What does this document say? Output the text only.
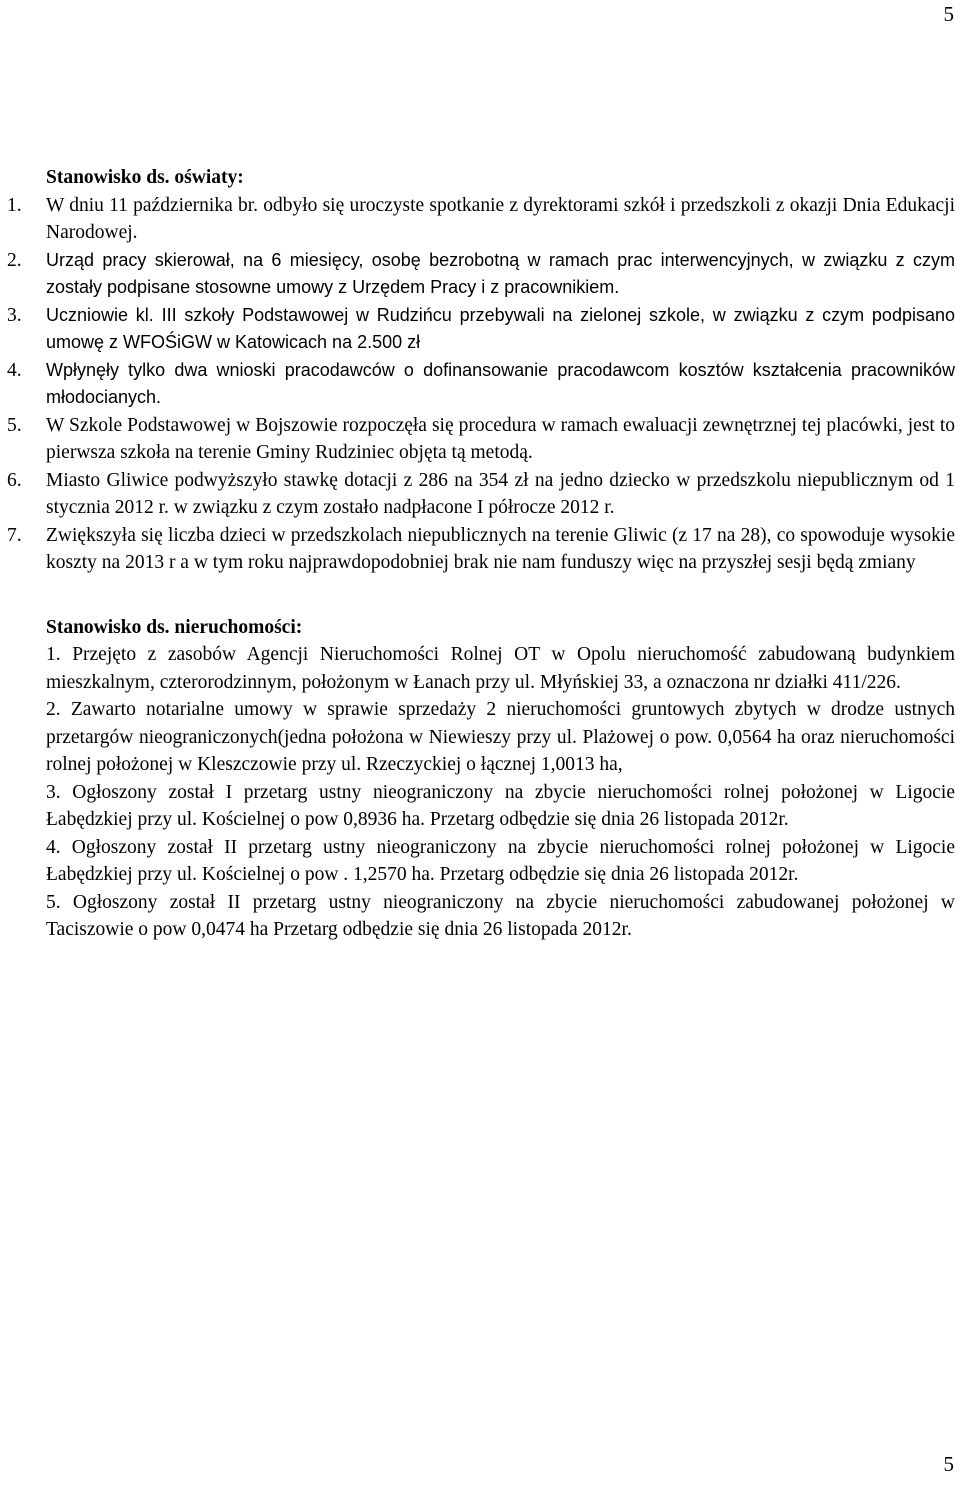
5
Stanowisko ds. oświaty:
1. W dniu 11 października br. odbyło się uroczyste spotkanie z dyrektorami szkół i przedszkoli z okazji Dnia Edukacji Narodowej.
2. Urząd pracy skierował, na 6 miesięcy, osobę bezrobotną w ramach prac interwencyjnych, w związku z czym zostały podpisane stosowne umowy z Urzędem Pracy i z pracownikiem.
3. Uczniowie kl. III szkoły Podstawowej w Rudzińcu przebywali na zielonej szkole, w związku z czym podpisano umowę z WFOŚiGW w Katowicach na 2.500 zł
4. Wpłynęły tylko dwa wnioski pracodawców o dofinansowanie pracodawcom kosztów kształcenia pracowników młodocianych.
5. W Szkole Podstawowej w Bojszowie rozpoczęła się procedura w ramach ewaluacji zewnętrznej tej placówki, jest to pierwsza szkoła na terenie Gminy Rudziniec objęta tą metodą.
6. Miasto Gliwice podwyższyło stawkę dotacji z 286 na 354 zł na jedno dziecko w przedszkolu niepublicznym od 1 stycznia 2012 r. w związku z czym zostało nadpłacone I półrocze 2012 r.
7. Zwiększyła się liczba dzieci w przedszkolach niepublicznych na terenie Gliwic (z 17 na 28), co spowoduje wysokie koszty na 2013 r a w tym roku najprawdopodobniej brak nie nam funduszy więc na przyszłej sesji będą zmiany
Stanowisko ds. nieruchomości:

1. Przejęto z zasobów Agencji Nieruchomości Rolnej OT w Opolu nieruchomość zabudowaną budynkiem mieszkalnym, czterorodzinnym, położonym w Łanach przy ul. Młyńskiej 33, a oznaczona nr działki 411/226.

2. Zawarto notarialne umowy w sprawie sprzedaży 2 nieruchomości gruntowych zbytych w drodze ustnych przetargów nieograniczonych(jedna położona w Niewieszy przy ul. Plażowej o pow. 0,0564 ha oraz nieruchomości rolnej położonej w Kleszczowie przy ul. Rzeczyckiej o łącznej 1,0013 ha,

3. Ogłoszony został I przetarg ustny nieograniczony na zbycie nieruchomości rolnej położonej w Ligocie Łabędzkiej przy ul. Kościelnej o pow 0,8936 ha. Przetarg odbędzie się dnia 26 listopada 2012r.

4. Ogłoszony został II przetarg ustny nieograniczony na zbycie nieruchomości rolnej położonej w Ligocie Łabędzkiej przy ul. Kościelnej o pow . 1,2570 ha. Przetarg odbędzie się dnia 26 listopada 2012r.

5. Ogłoszony został II przetarg ustny nieograniczony na zbycie nieruchomości zabudowanej położonej w Taciszowie o pow 0,0474 ha Przetarg odbędzie się dnia 26 listopada 2012r.

5
